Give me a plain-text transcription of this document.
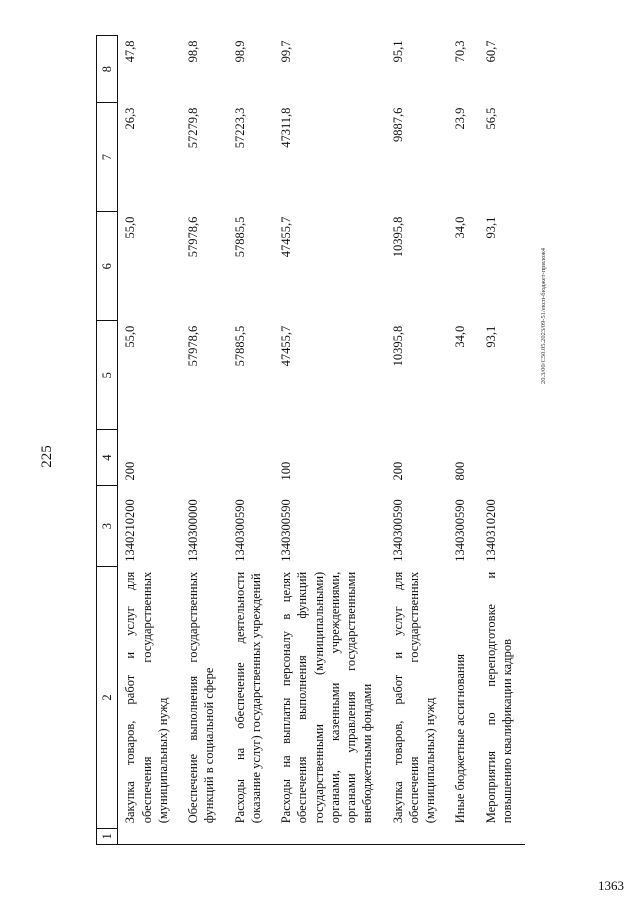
225
20.3/00/C50.05.2023/09-51/експ-бюджет-прилож4
1363
1	2	3	4	5	6	7	8
	Закупка товаров, работ и услуг для обеспечения государственных (муниципальных) нужд	1340210200	200	55,0	55,0	26,3	47,8
	Обеспечение выполнения государственных функций в социальной сфере	1340300000		57978,6	57978,6	57279,8	98,8
	Расходы на обеспечение деятельности (оказание услуг) государственных учреждений	1340300590		57885,5	57885,5	57223,3	98,9
	Расходы на выплаты персоналу в целях обеспечения выполнения функций государственными (муниципальными) органами, казенными учреждениями, органами управления государственными внебюджетными фондами	1340300590	100	47455,7	47455,7	47311,8	99,7
	Закупка товаров, работ и услуг для обеспечения государственных (муниципальных) нужд	1340300590	200	10395,8	10395,8	9887,6	95,1
	Иные бюджетные ассигнования	1340300590	800	34,0	34,0	23,9	70,3
	Мероприятия по переподготовке и повышению квалификации кадров	1340310200		93,1	93,1	56,5	60,7
